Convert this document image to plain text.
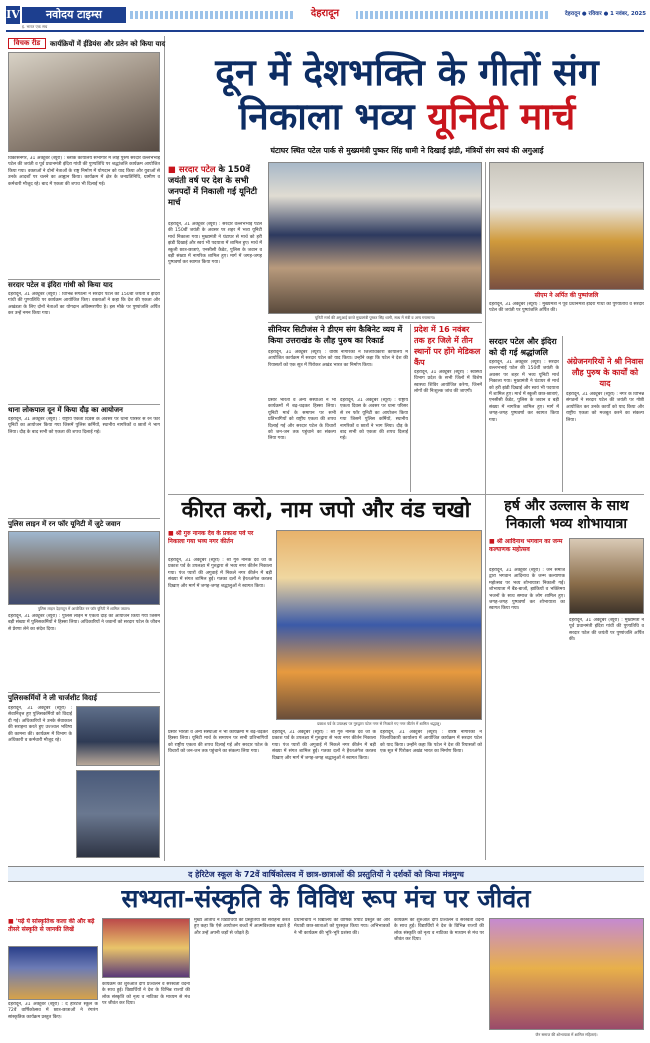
IV	नवोदय टाइम्स
इ. भारत एक सच
देहरादून	देहरादून ● रविवार ● 1 नवंबर, 2025
विचक रीड	कार्यक्रियों में ईडियंस और प्रतेन को किया याद
विकासनगर, 31 अक्टूबर (ब्यूरो) : ब्लॉक कार्यालय सभागार में लौह पुरुष सरदार वल्लभभाई पटेल की जयंती व पूर्व प्रधानमंत्री इंदिरा गांधी की पुण्यतिथि पर श्रद्धांजलि कार्यक्रम आयोजित किया गया। वक्ताओं ने दोनों नेताओं के राष्ट्र निर्माण में योगदान को याद किया और युवाओं से उनके आदर्शों पर चलने का आह्वान किया। कार्यक्रम में क्षेत्र के जनप्रतिनिधि, ग्रामीण व कर्मचारी मौजूद रहे। बाद में एकता की शपथ भी दिलाई गई।
सरदार पटेल व इंदिरा गांधी को किया याद
देहरादून, 31 अक्टूबर (ब्यूरो) : विभिन्न संगठनों ने सरदार पटेल की 150वीं जयंती व इंदिरा गांधी की पुण्यतिथि पर कार्यक्रम आयोजित किए। वक्ताओं ने कहा कि देश की एकता और अखंडता के लिए दोनों नेताओं का योगदान अविस्मरणीय है। इस मौके पर पुष्पांजलि अर्पित कर उन्हें नमन किया गया।
थाना लोकपाल दून में किया दौड़ का आयोजन
देहरादून, 31 अक्टूबर (ब्यूरो) : राष्ट्रीय एकता दिवस के अवसर पर थाना परिसर से रन फॉर यूनिटी का आयोजन किया गया जिसमें पुलिस कर्मियों, स्थानीय नागरिकों व छात्रों ने भाग लिया। दौड़ के बाद सभी को एकता की शपथ दिलाई गई।
पुलिस लाइन में रन फॉर यूनिटी में जुटे जवान
पुलिस लाइन देहरादून में आयोजित रन फॉर यूनिटी में शामिल जवान।
देहरादून, 31 अक्टूबर (ब्यूरो) : पुलिस लाइन में एकता दौड़ का आयोजन किया गया जिसमें बड़ी संख्या में पुलिसकर्मियों ने हिस्सा लिया। अधिकारियों ने जवानों को सरदार पटेल के जीवन से प्रेरणा लेने का संदेश दिया।
पुलिसकर्मियों ने ली चार्जशीट विदाई
देहरादून, 31 अक्टूबर (ब्यूरो) : सेवानिवृत्त हुए पुलिसकर्मियों को विदाई दी गई। अधिकारियों ने उनके सेवाकाल की सराहना करते हुए उज्ज्वल भविष्य की कामना की। कार्यक्रम में विभाग के अधिकारी व कर्मचारी मौजूद रहे।
दून में देशभक्ति के गीतों संग
निकाला भव्य यूनिटी मार्च
घंटाघर स्थित पटेल पार्क से मुख्यमंत्री पुष्कर सिंह धामी ने दिखाई झंडी, मंत्रियों संग स्वयं की अगुआई
■ सरदार पटेल के 150वें जयंती वर्ष पर देश के सभी जनपदों में निकाली गई यूनिटी मार्च
देहरादून, 31 अक्टूबर (ब्यूरो) : सरदार वल्लभभाई पटेल की 150वीं जयंती के अवसर पर शहर में भव्य यूनिटी मार्च निकाला गया। मुख्यमंत्री ने घंटाघर से मार्च को हरी झंडी दिखाई और स्वयं भी पदयात्रा में शामिल हुए। मार्च में स्कूली छात्र-छात्राएं, एनसीसी कैडेट, पुलिस के जवान व बड़ी संख्या में नागरिक शामिल हुए। मार्ग में जगह-जगह पुष्पवर्षा कर स्वागत किया गया।
यूनिटी मार्च की अगुआई करते मुख्यमंत्री पुष्कर सिंह धामी, साथ में मंत्री व अन्य गणमान्य।
सीनियर सिटीजंस ने डीएम संग कैबिनेट व्यय में किया उत्तराखंड के लौह पुरुष का रिकार्ड
देहरादून, 31 अक्टूबर (ब्यूरो) : वरिष्ठ नागरिकों ने जिलाधिकारी कार्यालय में आयोजित कार्यक्रम में सरदार पटेल को याद किया। उन्होंने कहा कि पटेल ने देश की रियासतों को एक सूत्र में पिरोकर अखंड भारत का निर्माण किया।
प्रसार भारती व अन्य संस्थाओं ने भी कार्यक्रमों में बढ़-चढ़कर हिस्सा लिया। यूनिटी मार्च के समापन पर सभी प्रतिभागियों को राष्ट्रीय एकता की शपथ दिलाई गई और सरदार पटेल के विचारों को जन-जन तक पहुंचाने का संकल्प लिया गया।
देहरादून, 31 अक्टूबर (ब्यूरो) : राष्ट्रीय एकता दिवस के अवसर पर थाना परिसर से रन फॉर यूनिटी का आयोजन किया गया जिसमें पुलिस कर्मियों, स्थानीय नागरिकों व छात्रों ने भाग लिया। दौड़ के बाद सभी को एकता की शपथ दिलाई गई।
प्रदेश में 16 नवंबर तक हर जिले में तीन स्थानों पर होंगे मेडिकल कैंप
देहरादून, 31 अक्टूबर (ब्यूरो) : स्वास्थ्य विभाग प्रदेश के सभी जिलों में विशेष स्वास्थ्य शिविर आयोजित करेगा, जिनमें लोगों की निःशुल्क जांच की जाएगी।
सीएम ने अर्पित की पुष्पांजलि
देहरादून, 31 अक्टूबर (ब्यूरो) : मुख्यमंत्री ने पूर्व प्रधानमंत्री इंदिरा गांधी की पुण्यतिथि व सरदार पटेल की जयंती पर पुष्पांजलि अर्पित की।
सरदार पटेल और इंदिरा को दी गई श्रद्धांजलि
देहरादून, 31 अक्टूबर (ब्यूरो) : सरदार वल्लभभाई पटेल की 150वीं जयंती के अवसर पर शहर में भव्य यूनिटी मार्च निकाला गया। मुख्यमंत्री ने घंटाघर से मार्च को हरी झंडी दिखाई और स्वयं भी पदयात्रा में शामिल हुए। मार्च में स्कूली छात्र-छात्राएं, एनसीसी कैडेट, पुलिस के जवान व बड़ी संख्या में नागरिक शामिल हुए। मार्ग में जगह-जगह पुष्पवर्षा कर स्वागत किया गया।
अंग्रेजनगरियों ने श्री निवास लौह पुरुष के कार्यों को याद
देहरादून, 31 अक्टूबर (ब्यूरो) : नगर के विभिन्न संगठनों ने सरदार पटेल की जयंती पर गोष्ठी आयोजित कर उनके कार्यों को याद किया और राष्ट्रीय एकता को मजबूत करने का संकल्प लिया।
कीरत करो, नाम जपो और वंड चखो
■ श्री गुरु नानक देव के प्रकाश पर्व पर निकाला गया भव्य नगर कीर्तन
देहरादून, 31 अक्टूबर (ब्यूरो) : श्री गुरु नानक देव जी के प्रकाश पर्व के उपलक्ष्य में गुरुद्वारा से भव्य नगर कीर्तन निकाला गया। पंज प्यारों की अगुवाई में निकले नगर कीर्तन में बड़ी संख्या में संगत शामिल हुई। गतका दलों ने हैरतअंगेज करतब दिखाए और मार्ग में जगह-जगह श्रद्धालुओं ने स्वागत किया।
प्रकाश पर्व के उपलक्ष्य पर गुरुद्वारा पटेल नगर से निकाले गए नगर कीर्तन में शामिल श्रद्धालु।
प्रसार भारती व अन्य संस्थाओं ने भी कार्यक्रमों में बढ़-चढ़कर हिस्सा लिया। यूनिटी मार्च के समापन पर सभी प्रतिभागियों को राष्ट्रीय एकता की शपथ दिलाई गई और सरदार पटेल के विचारों को जन-जन तक पहुंचाने का संकल्प लिया गया।
देहरादून, 31 अक्टूबर (ब्यूरो) : श्री गुरु नानक देव जी के प्रकाश पर्व के उपलक्ष्य में गुरुद्वारा से भव्य नगर कीर्तन निकाला गया। पंज प्यारों की अगुवाई में निकले नगर कीर्तन में बड़ी संख्या में संगत शामिल हुई। गतका दलों ने हैरतअंगेज करतब दिखाए और मार्ग में जगह-जगह श्रद्धालुओं ने स्वागत किया।
देहरादून, 31 अक्टूबर (ब्यूरो) : वरिष्ठ नागरिकों ने जिलाधिकारी कार्यालय में आयोजित कार्यक्रम में सरदार पटेल को याद किया। उन्होंने कहा कि पटेल ने देश की रियासतों को एक सूत्र में पिरोकर अखंड भारत का निर्माण किया।
हर्ष और उल्लास के साथ
निकाली भव्य शोभायात्रा
■ श्री आदिनाथ भगवान का जन्म कल्याणक महोत्सव
देहरादून, 31 अक्टूबर (ब्यूरो) : जैन समाज द्वारा भगवान आदिनाथ के जन्म कल्याणक महोत्सव पर भव्य शोभायात्रा निकाली गई। शोभायात्रा में बैंड-बाजों, झांकियों व भक्तिमय भजनों के साथ समाज के लोग शामिल हुए। जगह-जगह पुष्पवर्षा कर शोभायात्रा का स्वागत किया गया।
देहरादून, 31 अक्टूबर (ब्यूरो) : मुख्यमंत्री ने पूर्व प्रधानमंत्री इंदिरा गांधी की पुण्यतिथि व सरदार पटेल की जयंती पर पुष्पांजलि अर्पित की।
द हेरिटेज स्कूल के 72वें वार्षिकोत्सव में छात्र-छात्राओं की प्रस्तुतियों ने दर्शकों को किया मंत्रमुग्ध
सभ्यता-संस्कृति के विविध रूप मंच पर जीवंत
■ 'पढ़ें ये सांस्कृतिक कला की और बढ़ें तीसरे संस्कृति से जानकी लिखें
देहरादून, 31 अक्टूबर (ब्यूरो) : द हेरिटेज स्कूल के 72वें वार्षिकोत्सव में छात्र-छात्राओं ने रंगारंग सांस्कृतिक कार्यक्रम प्रस्तुत किए।
कार्यक्रम की शुरुआत दीप प्रज्वलन व सरस्वती वंदना के साथ हुई। विद्यार्थियों ने देश के विभिन्न राज्यों की लोक संस्कृति को नृत्य व नाटिका के माध्यम से मंच पर जीवंत कर दिया।
मुख्य अतिथि ने विद्यार्थियों की प्रस्तुतियों की सराहना करते हुए कहा कि ऐसे आयोजन बच्चों में आत्मविश्वास बढ़ाते हैं और उन्हें अपनी जड़ों से जोड़ते हैं।
प्रधानाचार्य ने विद्यालय की वार्षिक रिपोर्ट प्रस्तुत की और मेधावी छात्र-छात्राओं को पुरस्कृत किया गया। अभिभावकों ने भी कार्यक्रम की भूरि-भूरि प्रशंसा की।
कार्यक्रम की शुरुआत दीप प्रज्वलन व सरस्वती वंदना के साथ हुई। विद्यार्थियों ने देश के विभिन्न राज्यों की लोक संस्कृति को नृत्य व नाटिका के माध्यम से मंच पर जीवंत कर दिया।
जैन समाज की शोभायात्रा में शामिल महिलाएं।
